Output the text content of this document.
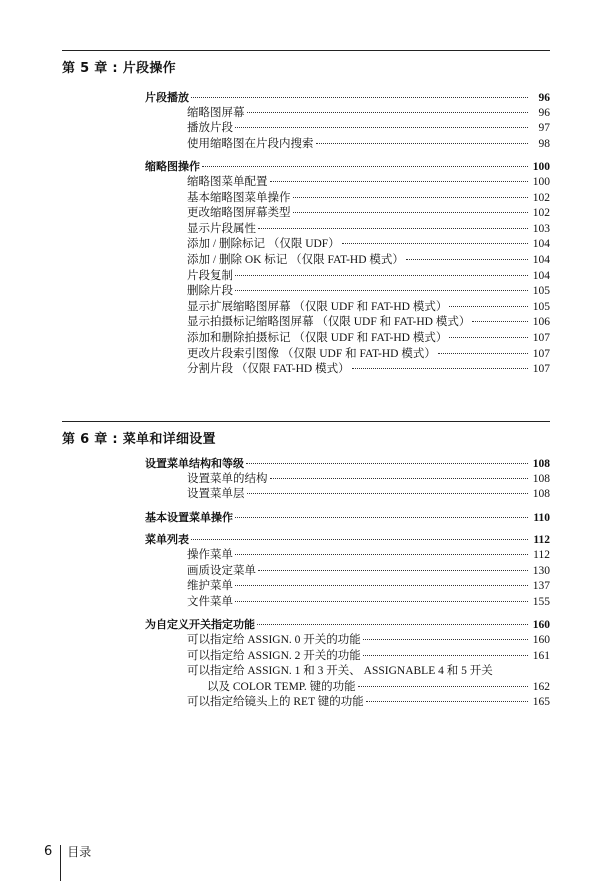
第 5 章 : 片段操作
片段播放	96
缩略图屏幕	96
播放片段	97
使用缩略图在片段内搜索	98
缩略图操作	100
缩略图菜单配置	100
基本缩略图菜单操作	102
更改缩略图屏幕类型	102
显示片段属性	103
添加 / 删除标记 （仅限 UDF）	104
添加 / 删除 OK 标记 （仅限 FAT-HD 模式）	104
片段复制	104
删除片段	105
显示扩展缩略图屏幕 （仅限 UDF 和 FAT-HD 模式）	105
显示拍摄标记缩略图屏幕 （仅限 UDF 和 FAT-HD 模式）	106
添加和删除拍摄标记 （仅限 UDF 和 FAT-HD 模式）	107
更改片段索引图像 （仅限 UDF 和 FAT-HD 模式）	107
分割片段 （仅限 FAT-HD 模式）	107
第 6 章 : 菜单和详细设置
设置菜单结构和等级	108
设置菜单的结构	108
设置菜单层	108
基本设置菜单操作	110
菜单列表	112
操作菜单	112
画质设定菜单	130
维护菜单	137
文件菜单	155
为自定义开关指定功能	160
可以指定给 ASSIGN. 0 开关的功能	160
可以指定给 ASSIGN. 2 开关的功能	161
可以指定给 ASSIGN. 1 和 3 开关、 ASSIGNABLE 4 和 5 开关
以及 COLOR TEMP. 键的功能	162
可以指定给镜头上的 RET 键的功能	165
6 目录
